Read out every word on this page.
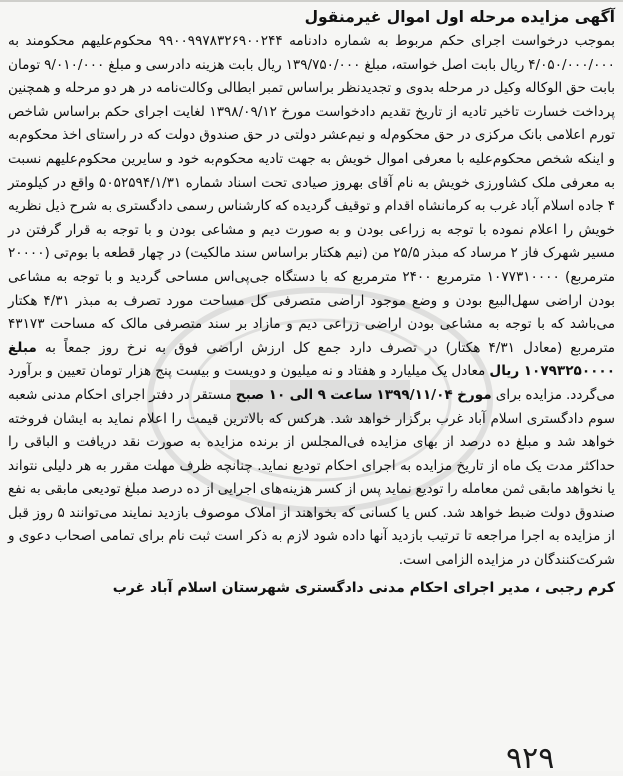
آگهی مزایده مرحله اول اموال غیرمنقول

بموجب درخواست اجرای حکم مربوط به شماره دادنامه ۹۹۰۰۹۹۷۸۳۲۶۹۰۰۲۴۴ محکوم‌علیهم محکومند به ۴/۰۵۰/۰۰۰/۰۰۰ ریال بابت اصل خواسته، مبلغ ۱۳۹/۷۵۰/۰۰۰ ریال بابت هزینه دادرسی و مبلغ ۹/۰۱۰/۰۰۰ تومان بابت حق الوکاله وکیل در مرحله بدوی و تجدیدنظر براساس تمبر ابطالی وکالت‌نامه در هر دو مرحله و همچنین پرداخت خسارت تاخیر تادیه از تاریخ تقدیم دادخواست مورخ ۱۳۹۸/۰۹/۱۲ لغایت اجرای حکم براساس شاخص تورم اعلامی بانک مرکزی در حق محکوم‌له و نیم‌عشر دولتی در حق صندوق دولت که در راستای اخذ محکوم‌به و اینکه شخص محکوم‌علیه با معرفی اموال خویش به جهت تادیه محکوم‌به خود و سایرین محکوم‌علیهم نسبت به معرفی ملک کشاورزی خویش به نام آقای بهروز صیادی تحت اسناد شماره ۵۰۵۲۵۹۴/۱/۳۱ واقع در کیلومتر ۴ جاده اسلام آباد غرب به کرمانشاه اقدام و توقیف گردیده که کارشناس رسمی دادگستری به شرح ذیل نظریه خویش را اعلام نموده با توجه به زراعی بودن و به صورت دیم و مشاعی بودن و با توجه به قرار گرفتن در مسیر شهرک فاز ۲ مرساد که مبذر ۲۵/۵ من (نیم هکتار براساس سند مالکیت) در چهار قطعه با بوم‌تی (۲۰۰۰۰ مترمربع) ۱۰۷۷۳۱۰۰۰۰ مترمربع ۲۴۰۰ مترمربع که با دستگاه جی‌پی‌اس مساحی گردید و با توجه به مشاعی بودن اراضی سهل‌البیع بودن و وضع موجود اراضی متصرفی کل مساحت مورد تصرف به مبذر ۴/۳۱ هکتار می‌باشد که با توجه به مشاعی بودن اراضی زراعی دیم و مازاد بر سند متصرفی مالک که مساحت ۴۳۱۷۳ مترمربع (معادل ۴/۳۱ هکتار) در تصرف دارد جمع کل ارزش اراضی فوق به نرخ روز جمعاً به مبلغ ۱۰۷۹۳۲۵۰۰۰۰ ریال معادل یک میلیارد و هفتاد و نه میلیون و دویست و بیست پنج هزار تومان تعیین و برآورد می‌گردد. مزایده برای مورخ ۱۳۹۹/۱۱/۰۴ ساعت ۹ الی ۱۰ صبح مستقر در دفتر اجرای احکام مدنی شعبه سوم دادگستری اسلام آباد غرب برگزار خواهد شد. هرکس که بالاترین قیمت را اعلام نماید به ایشان فروخته خواهد شد و مبلغ ده درصد از بهای مزایده فی‌المجلس از برنده مزایده به صورت نقد دریافت و الباقی را حداکثر مدت یک ماه از تاریخ مزایده به اجرای احکام تودیع نماید. چنانچه ظرف مهلت مقرر به هر دلیلی نتواند یا نخواهد مابقی ثمن معامله را تودیع نماید پس از کسر هزینه‌های اجرایی از ده درصد مبلغ تودیعی مابقی به نفع صندوق دولت ضبط خواهد شد. کس یا کسانی که بخواهند از املاک موصوف بازدید نمایند می‌توانند ۵ روز قبل از مزایده به اجرا مراجعه تا ترتیب بازدید آنها داده شود لازم به ذکر است ثبت نام برای تمامی اصحاب دعوی و شرکت‌کنندگان در مزایده الزامی است.

کرم رجبی ، مدیر اجرای احکام مدنی دادگستری شهرستان اسلام آباد غرب
۹۲۹
